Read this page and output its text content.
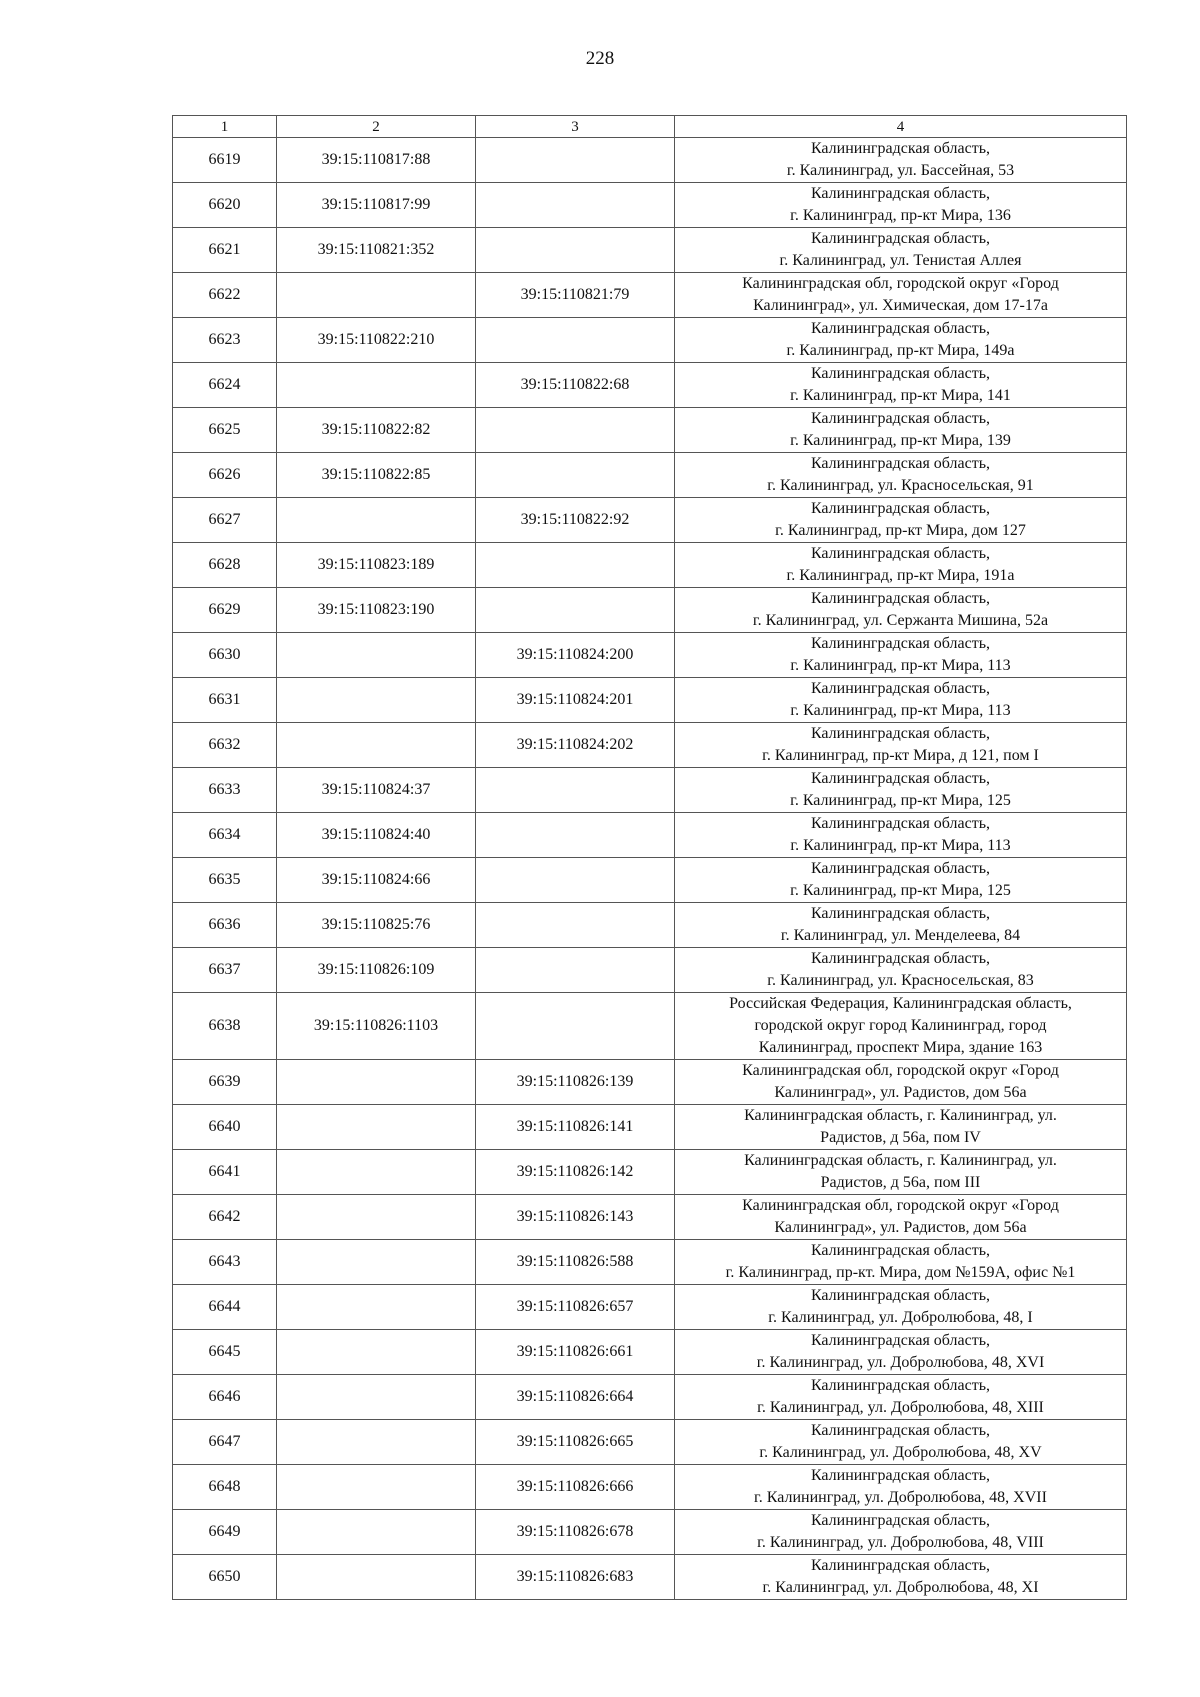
228
1	2	3	4
6619	39:15:110817:88		Калининградская область,
г. Калининград, ул. Бассейная, 53

6620	39:15:110817:99		Калининградская область,
г. Калининград, пр-кт Мира, 136

6621	39:15:110821:352		Калининградская область,
г. Калининград, ул. Тенистая Аллея

6622		39:15:110821:79	Калининградская обл, городской округ «Город
Калининград», ул. Химическая, дом 17-17а

6623	39:15:110822:210		Калининградская область,
г. Калининград, пр-кт Мира, 149а

6624		39:15:110822:68	Калининградская область,
г. Калининград, пр-кт Мира, 141

6625	39:15:110822:82		Калининградская область,
г. Калининград, пр-кт Мира, 139

6626	39:15:110822:85		Калининградская область,
г. Калининград, ул. Красносельская, 91

6627		39:15:110822:92	Калининградская область,
г. Калининград, пр-кт Мира, дом 127

6628	39:15:110823:189		Калининградская область,
г. Калининград, пр-кт Мира, 191а

6629	39:15:110823:190		Калининградская область,
г. Калининград, ул. Сержанта Мишина, 52а

6630		39:15:110824:200	Калининградская область,
г. Калининград, пр-кт Мира, 113

6631		39:15:110824:201	Калининградская область,
г. Калининград, пр-кт Мира, 113

6632		39:15:110824:202	Калининградская область,
г. Калининград, пр-кт Мира, д 121, пом I

6633	39:15:110824:37		Калининградская область,
г. Калининград, пр-кт Мира, 125

6634	39:15:110824:40		Калининградская область,
г. Калининград, пр-кт Мира, 113

6635	39:15:110824:66		Калининградская область,
г. Калининград, пр-кт Мира, 125

6636	39:15:110825:76		Калининградская область,
г. Калининград, ул. Менделеева, 84

6637	39:15:110826:109		Калининградская область,
г. Калининград, ул. Красносельская, 83

6638	39:15:110826:1103		Российская Федерация, Калининградская область,
городской округ город Калининград, город
Калининград, проспект Мира, здание 163

6639		39:15:110826:139	Калининградская обл, городской округ «Город
Калининград», ул. Радистов, дом 56а

6640		39:15:110826:141	Калининградская область, г. Калининград, ул.
Радистов, д 56а, пом IV

6641		39:15:110826:142	Калининградская область, г. Калининград, ул.
Радистов, д 56а, пом III

6642		39:15:110826:143	Калининградская обл, городской округ «Город
Калининград», ул. Радистов, дом 56а

6643		39:15:110826:588	Калининградская область,
г. Калининград, пр-кт. Мира, дом №159А, офис №1

6644		39:15:110826:657	Калининградская область,
г. Калининград, ул. Добролюбова, 48, I

6645		39:15:110826:661	Калининградская область,
г. Калининград, ул. Добролюбова, 48, XVI

6646		39:15:110826:664	Калининградская область,
г. Калининград, ул. Добролюбова, 48, XIII

6647		39:15:110826:665	Калининградская область,
г. Калининград, ул. Добролюбова, 48, XV

6648		39:15:110826:666	Калининградская область,
г. Калининград, ул. Добролюбова, 48, XVII

6649		39:15:110826:678	Калининградская область,
г. Калининград, ул. Добролюбова, 48, VIII

6650		39:15:110826:683	Калининградская область,
г. Калининград, ул. Добролюбова, 48, XI
